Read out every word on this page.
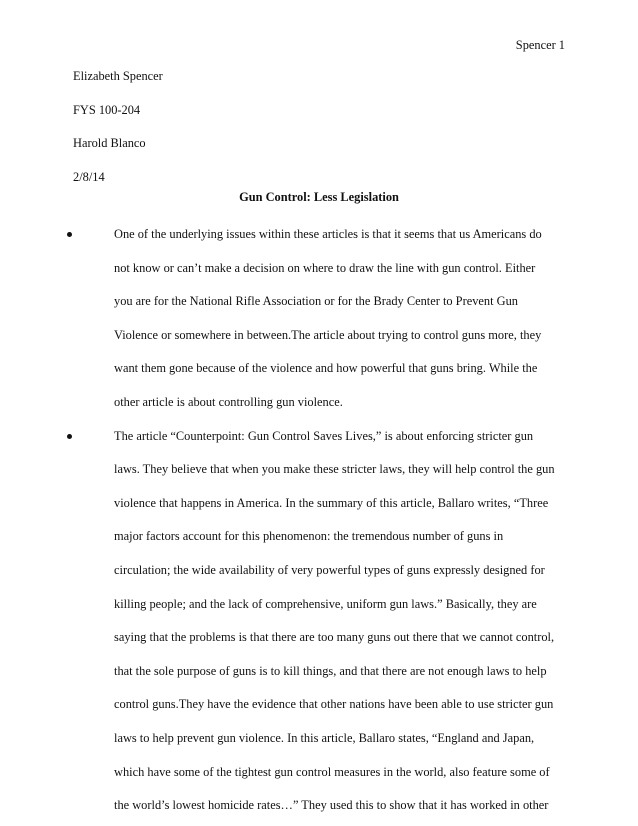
Spencer 1
Elizabeth Spencer
FYS 100-204
Harold Blanco
2/8/14
Gun Control: Less Legislation
One of the underlying issues within these articles is that it seems that us Americans do
not know or can’t make a decision on where to draw the line with gun control. Either
you are for the National Rifle Association or for the Brady Center to Prevent Gun
Violence or somewhere in between.The article about trying to control guns more, they
want them gone because of the violence and how powerful that guns bring. While the
other article is about controlling gun violence.
The article “Counterpoint: Gun Control Saves Lives,” is about enforcing stricter gun
laws. They believe that when you make these stricter laws, they will help control the gun
violence that happens in America. In the summary of this article, Ballaro writes, “Three
major factors account for this phenomenon: the tremendous number of guns in
circulation; the wide availability of very powerful types of guns expressly designed for
killing people; and the lack of comprehensive, uniform gun laws.” Basically, they are
saying that the problems is that there are too many guns out there that we cannot control,
that the sole purpose of guns is to kill things, and that there are not enough laws to help
control guns.They have the evidence that other nations have been able to use stricter gun
laws to help prevent gun violence. In this article, Ballaro states, “England and Japan,
which have some of the tightest gun control measures in the world, also feature some of
the world’s lowest homicide rates…” They used this to show that it has worked in other
